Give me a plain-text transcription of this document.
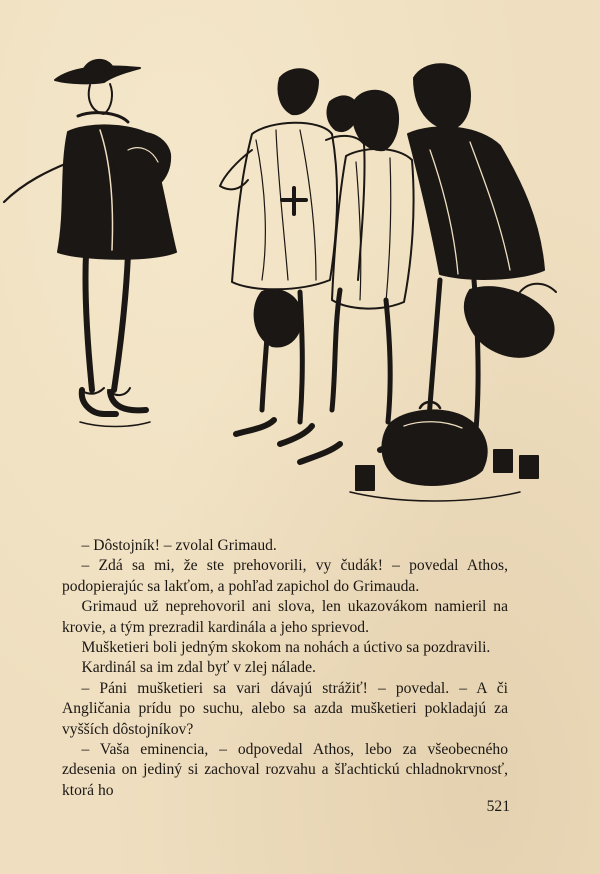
– Dôstojník! – zvolal Grimaud.

– Zdá sa mi, že ste prehovorili, vy čudák! – povedal Athos, podopierajúc sa lakťom, a pohľad zapichol do Grimauda.

Grimaud už neprehovoril ani slova, len ukazovákom namieril na krovie, a tým prezradil kardinála a jeho sprievod.

Mušketieri boli jedným skokom na nohách a úctivo sa pozdravili.

Kardinál sa im zdal byť v zlej nálade.

– Páni mušketieri sa vari dávajú strážiť! – povedal. – A či Angličania prídu po suchu, alebo sa azda mušketieri pokladajú za vyšších dôstojníkov?

– Vaša eminencia, – odpovedal Athos, lebo za všeobecného zdesenia on jediný si zachoval rozvahu a šľachtickú chladnokrvnosť, ktorá ho

521
